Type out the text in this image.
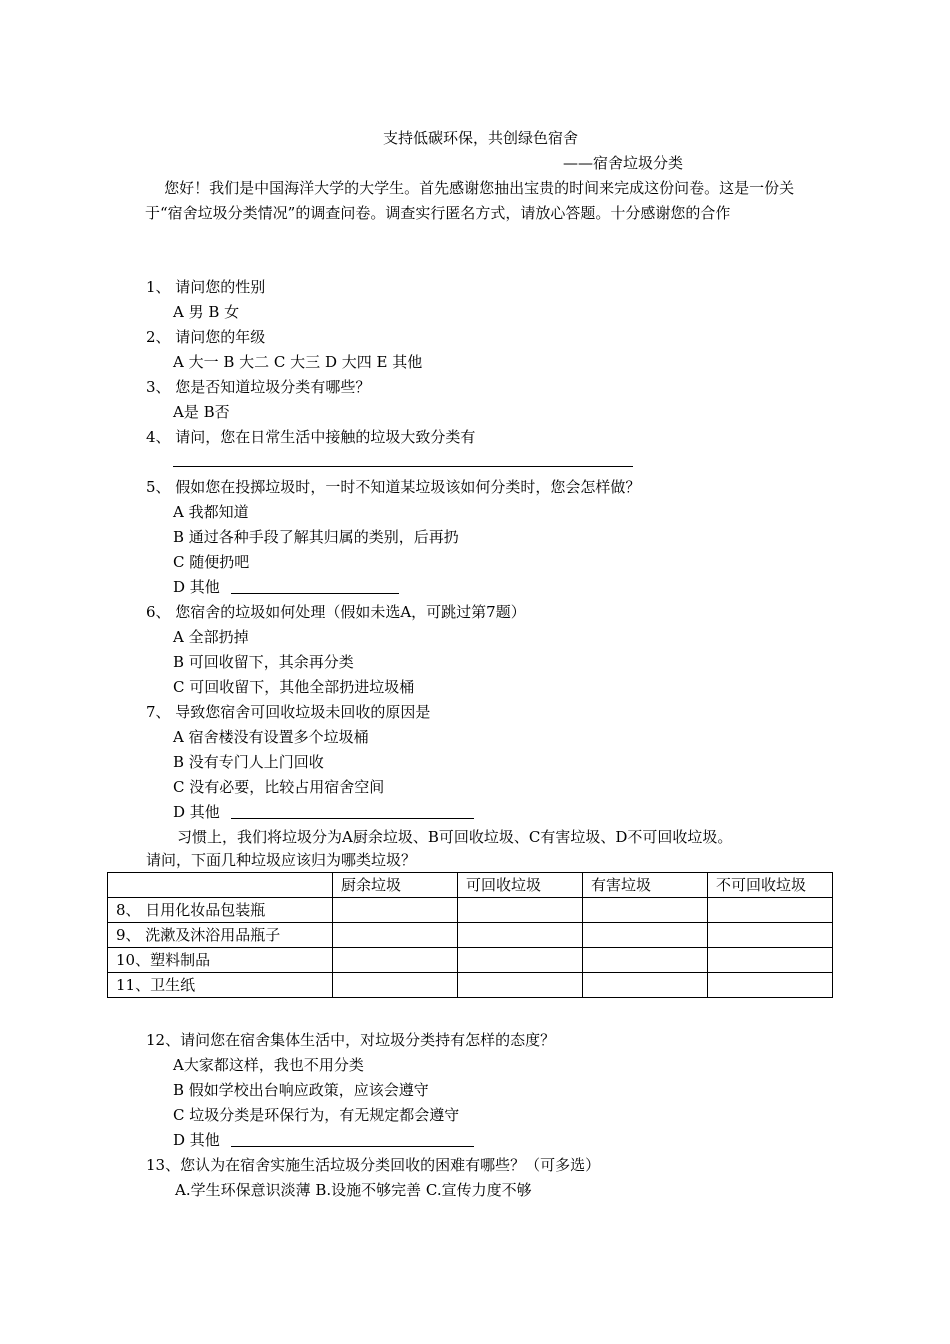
支持低碳环保，共创绿色宿舍
——宿舍垃圾分类
您好！我们是中国海洋大学的大学生。首先感谢您抽出宝贵的时间来完成这份问卷。这是一份关于“宿舍垃圾分类情况”的调查问卷。调查实行匿名方式，请放心答题。十分感谢您的合作
1、 请问您的性别
A 男 B 女
2、 请问您的年级
A 大一 B 大二 C 大三 D 大四 E 其他
3、 您是否知道垃圾分类有哪些？
A是 B否
4、 请问，您在日常生活中接触的垃圾大致分类有
5、 假如您在投掷垃圾时，一时不知道某垃圾该如何分类时，您会怎样做？
A 我都知道
B 通过各种手段了解其归属的类别，后再扔
C 随便扔吧
D 其他
6、 您宿舍的垃圾如何处理（假如未选A，可跳过第7题）
A 全部扔掉
B 可回收留下，其余再分类
C 可回收留下，其他全部扔进垃圾桶
7、 导致您宿舍可回收垃圾未回收的原因是
A 宿舍楼没有设置多个垃圾桶
B 没有专门人上门回收
C 没有必要，比较占用宿舍空间
D 其他
习惯上，我们将垃圾分为A厨余垃圾、B可回收垃圾、C有害垃圾、D不可回收垃圾。
请问，下面几种垃圾应该归为哪类垃圾？
	厨余垃圾	可回收垃圾	有害垃圾	不可回收垃圾
8、 日用化妆品包装瓶				
9、 洗漱及沐浴用品瓶子				
10、塑料制品				
11、卫生纸				
12、请问您在宿舍集体生活中，对垃圾分类持有怎样的态度？
A大家都这样，我也不用分类
B 假如学校出台响应政策，应该会遵守
C 垃圾分类是环保行为，有无规定都会遵守
D 其他
13、您认为在宿舍实施生活垃圾分类回收的困难有哪些？（可多选）
A.学生环保意识淡薄 B.设施不够完善 C.宣传力度不够
